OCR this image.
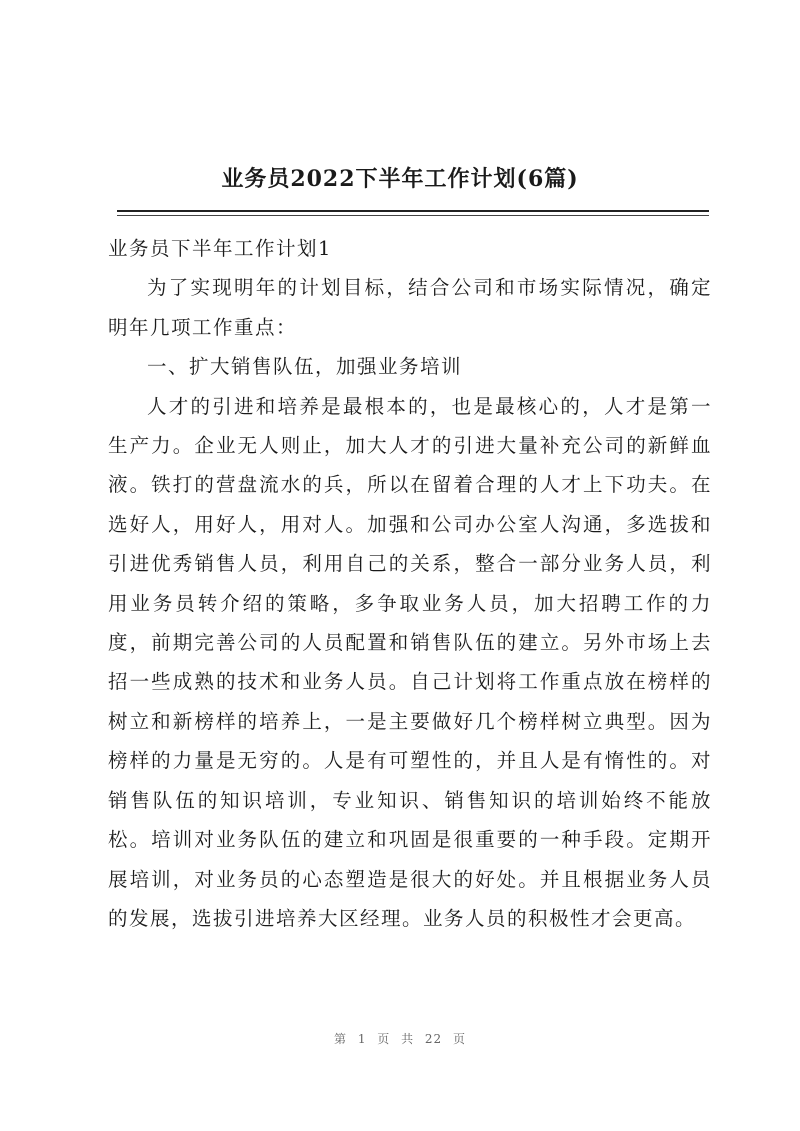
业务员2022下半年工作计划(6篇)

业务员下半年工作计划1

为了实现明年的计划目标，结合公司和市场实际情况，确定明年几项工作重点：

一、扩大销售队伍，加强业务培训

人才的引进和培养是最根本的，也是最核心的，人才是第一生产力。企业无人则止，加大人才的引进大量补充公司的新鲜血液。铁打的营盘流水的兵，所以在留着合理的人才上下功夫。在选好人，用好人，用对人。加强和公司办公室人沟通，多选拔和引进优秀销售人员，利用自己的关系，整合一部分业务人员，利用业务员转介绍的策略，多争取业务人员，加大招聘工作的力度，前期完善公司的人员配置和销售队伍的建立。另外市场上去招一些成熟的技术和业务人员。自己计划将工作重点放在榜样的树立和新榜样的培养上，一是主要做好几个榜样树立典型。因为榜样的力量是无穷的。人是有可塑性的，并且人是有惰性的。对销售队伍的知识培训，专业知识、销售知识的培训始终不能放松。培训对业务队伍的建立和巩固是很重要的一种手段。定期开展培训，对业务员的心态塑造是很大的好处。并且根据业务人员的发展，选拔引进培养大区经理。业务人员的积极性才会更高。

第 1 页 共 22 页
